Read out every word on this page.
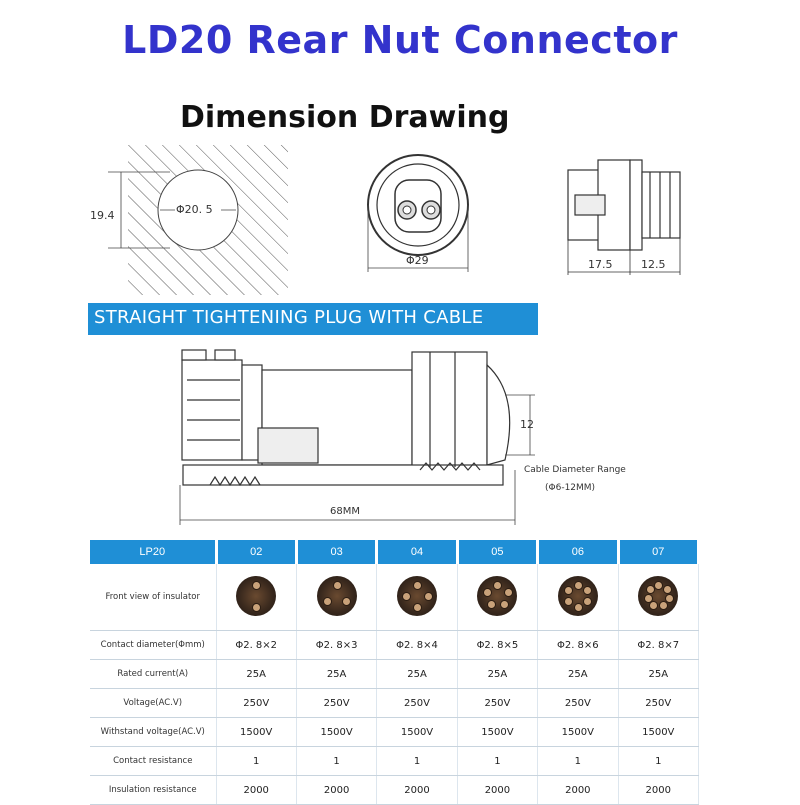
LD20 Rear Nut Connector
Dimension Drawing
Φ20. 5
19.4
Φ29	17.5	12.5
STRAIGHT TIGHTENING PLUG WITH CABLE
12
Cable Diameter Range
(Φ6-12MM)
68MM
LP20	02	03	04	05	06	07
Front view of insulator	

Contact diameter(Φmm)	Φ2. 8×2	Φ2. 8×3	Φ2. 8×4	Φ2. 8×5	Φ2. 8×6	Φ2. 8×7
Rated current(A)	25A	25A	25A	25A	25A	25A
Voltage(AC.V)	250V	250V	250V	250V	250V	250V
Withstand voltage(AC.V)	1500V	1500V	1500V	1500V	1500V	1500V
Contact resistance	1	1	1	1	1	1
Insulation resistance	2000	2000	2000	2000	2000	2000
